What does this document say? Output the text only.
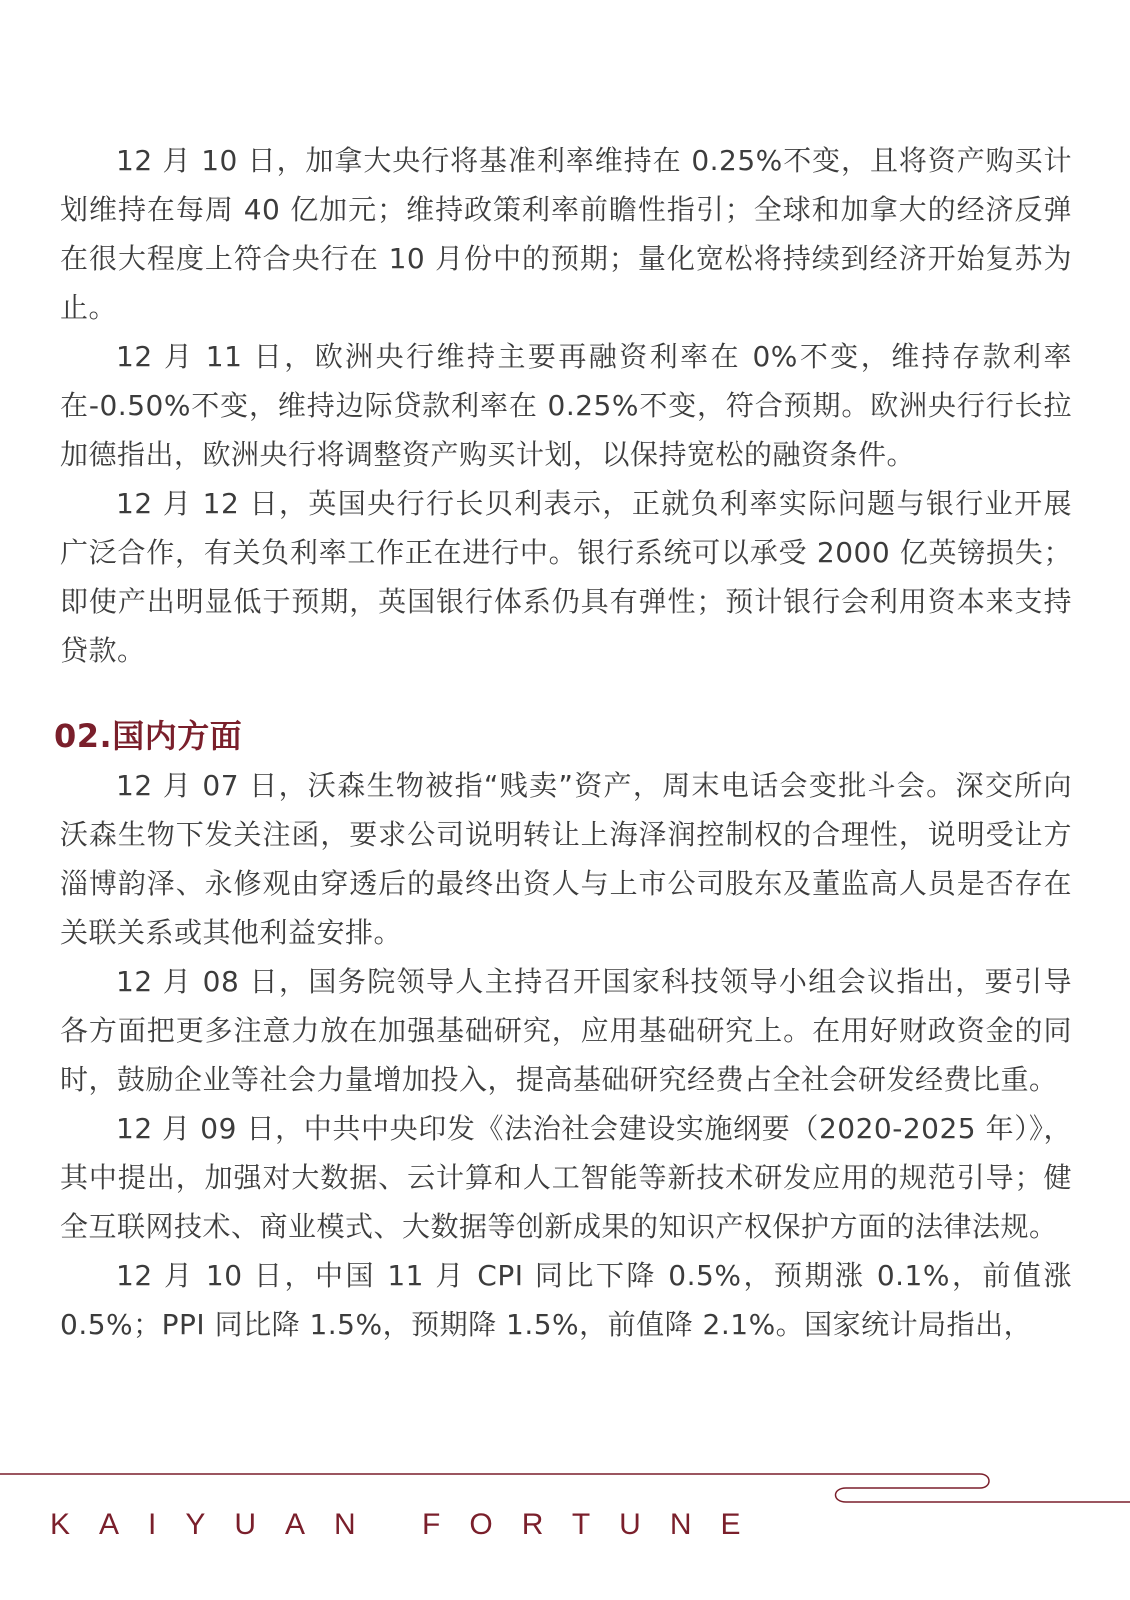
12 月 10 日，加拿大央行将基准利率维持在 0.25%不变，且将资产购买计划维持在每周 40 亿加元；维持政策利率前瞻性指引；全球和加拿大的经济反弹在很大程度上符合央行在 10 月份中的预期；量化宽松将持续到经济开始复苏为止。

12 月 11 日，欧洲央行维持主要再融资利率在 0%不变，维持存款利率在-0.50%不变，维持边际贷款利率在 0.25%不变，符合预期。欧洲央行行长拉加德指出，欧洲央行将调整资产购买计划，以保持宽松的融资条件。

12 月 12 日，英国央行行长贝利表示，正就负利率实际问题与银行业开展广泛合作，有关负利率工作正在进行中。银行系统可以承受 2000 亿英镑损失；即使产出明显低于预期，英国银行体系仍具有弹性；预计银行会利用资本来支持贷款。

02.国内方面

12 月 07 日，沃森生物被指“贱卖”资产，周末电话会变批斗会。深交所向沃森生物下发关注函，要求公司说明转让上海泽润控制权的合理性，说明受让方淄博韵泽、永修观由穿透后的最终出资人与上市公司股东及董监高人员是否存在关联关系或其他利益安排。

12 月 08 日，国务院领导人主持召开国家科技领导小组会议指出，要引导各方面把更多注意力放在加强基础研究，应用基础研究上。在用好财政资金的同时，鼓励企业等社会力量增加投入，提高基础研究经费占全社会研发经费比重。

12 月 09 日，中共中央印发《法治社会建设实施纲要（2020-2025 年）》，其中提出，加强对大数据、云计算和人工智能等新技术研发应用的规范引导；健全互联网技术、商业模式、大数据等创新成果的知识产权保护方面的法律法规。

12 月 10 日，中国 11 月 CPI 同比下降 0.5%，预期涨 0.1%，前值涨 0.5%；PPI 同比降 1.5%，预期降 1.5%，前值降 2.1%。国家统计局指出，

KAIYUAN FORTUNE
